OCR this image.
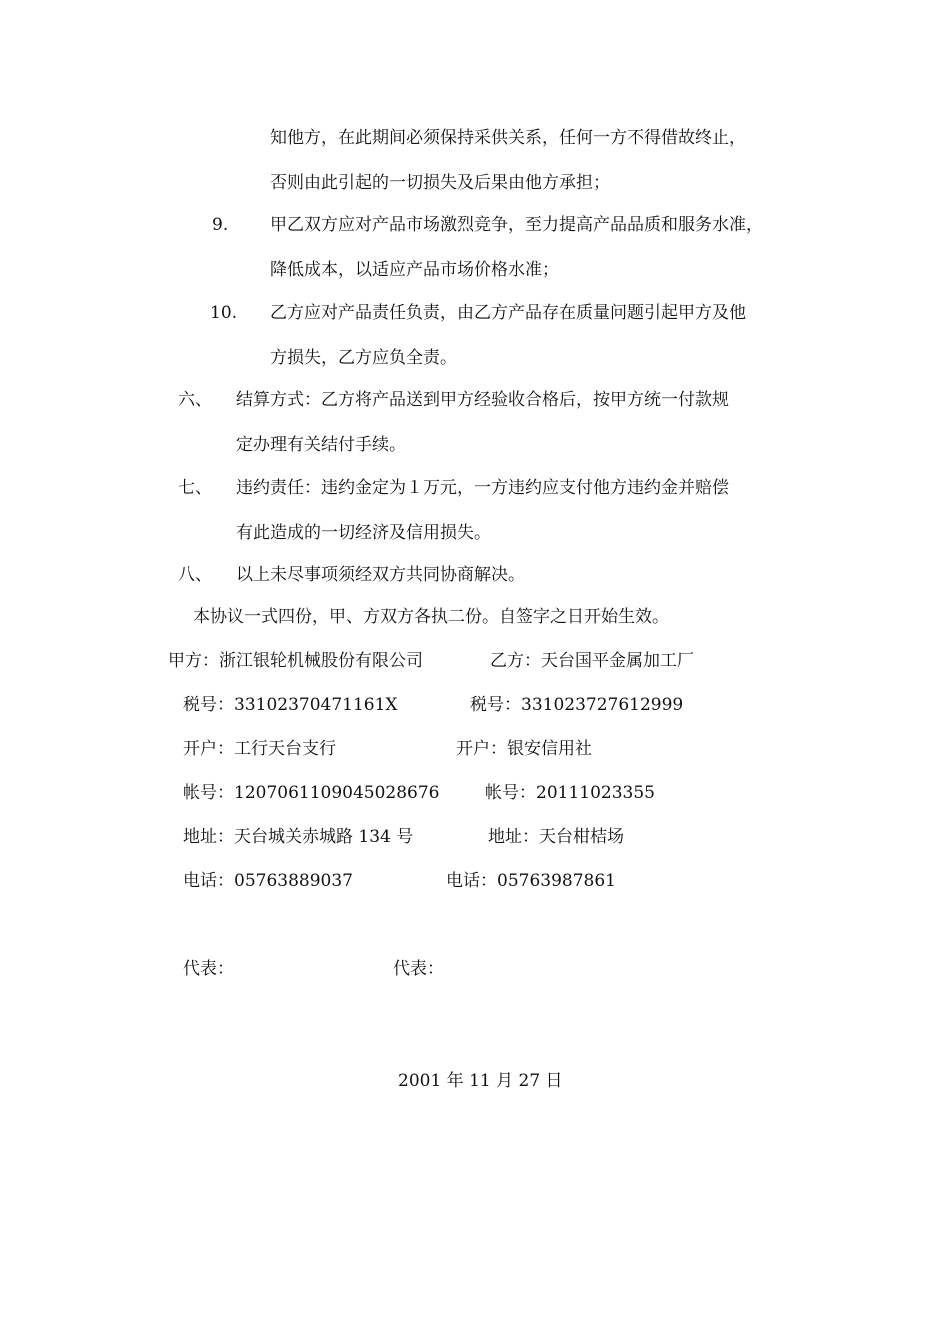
知他方，在此期间必须保持采供关系，任何一方不得借故终止，
否则由此引起的一切损失及后果由他方承担；
9. 甲乙双方应对产品市场激烈竞争，至力提高产品品质和服务水准，
降低成本，以适应产品市场价格水准；
10. 乙方应对产品责任负责，由乙方产品存在质量问题引起甲方及他
方损失，乙方应负全责。
六、 结算方式：乙方将产品送到甲方经验收合格后，按甲方统一付款规
定办理有关结付手续。
七、 违约责任：违约金定为１万元，一方违约应支付他方违约金并赔偿
有此造成的一切经济及信用损失。
八、 以上未尽事项须经双方共同协商解决。
本协议一式四份，甲、方双方各执二份。自签字之日开始生效。
甲方：浙江银轮机械股份有限公司	乙方：天台国平金属加工厂
税号：33102370471161X	税号：331023727612999
开户：工行天台支行	开户：银安信用社
帐号：1207061109045028676	帐号：20111023355
地址：天台城关赤城路 134 号	地址：天台柑桔场
电话：05763889037	电话：05763987861
代表：	代表：
2001 年 11 月 27 日
